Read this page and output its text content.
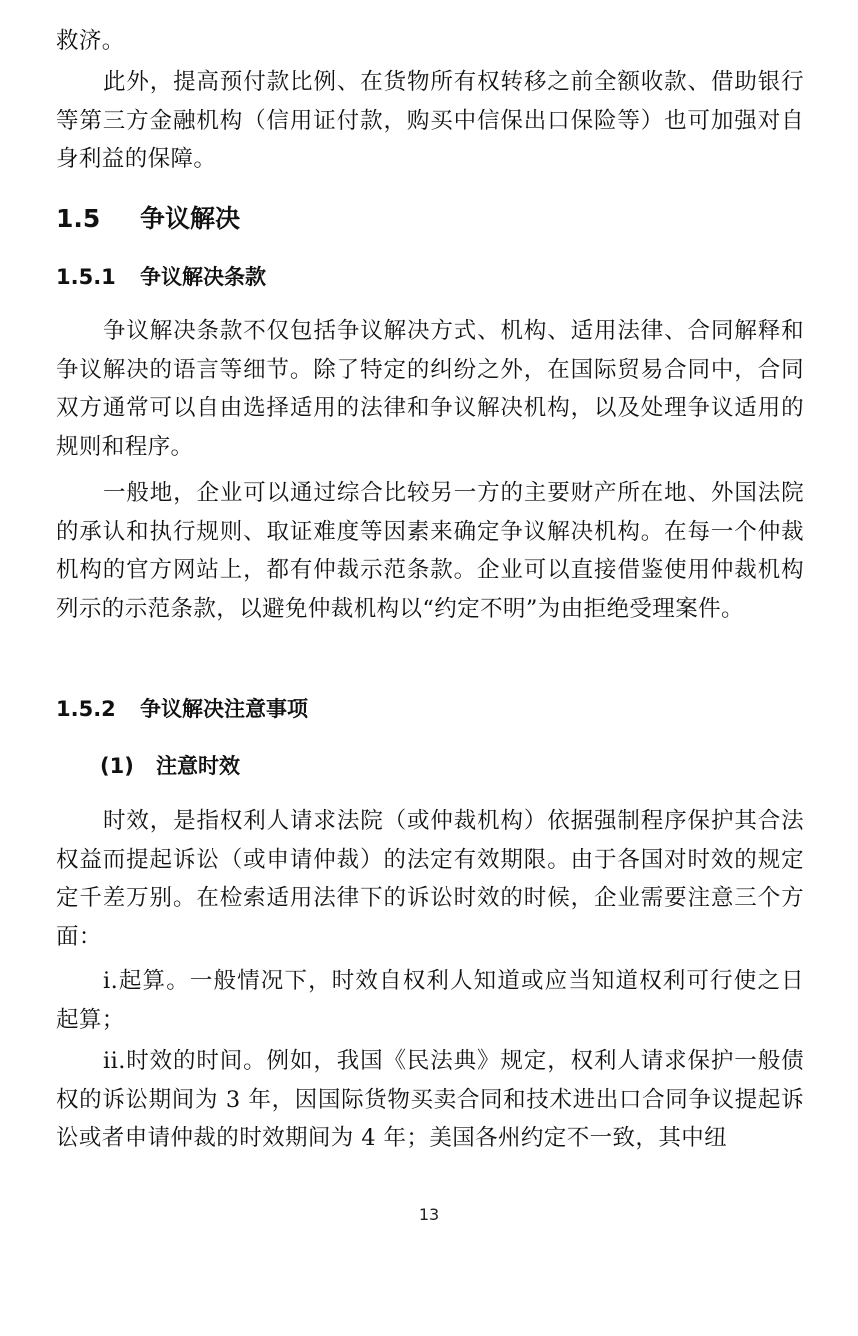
救济。

此外，提高预付款比例、在货物所有权转移之前全额收款、借助银行等第三方金融机构（信用证付款，购买中信保出口保险等）也可加强对自身利益的保障。

1.5 争议解决
1.5.1 争议解决条款

争议解决条款不仅包括争议解决方式、机构、适用法律、合同解释和争议解决的语言等细节。除了特定的纠纷之外，在国际贸易合同中，合同双方通常可以自由选择适用的法律和争议解决机构，以及处理争议适用的规则和程序。

一般地，企业可以通过综合比较另一方的主要财产所在地、外国法院的承认和执行规则、取证难度等因素来确定争议解决机构。在每一个仲裁机构的官方网站上，都有仲裁示范条款。企业可以直接借鉴使用仲裁机构列示的示范条款，以避免仲裁机构以“约定不明”为由拒绝受理案件。

1.5.2 争议解决注意事项
(1) 注意时效

时效，是指权利人请求法院（或仲裁机构）依据强制程序保护其合法权益而提起诉讼（或申请仲裁）的法定有效期限。由于各国对时效的规定定千差万别。在检索适用法律下的诉讼时效的时候，企业需要注意三个方面：

i.起算。一般情况下，时效自权利人知道或应当知道权利可行使之日起算；

ii.时效的时间。例如，我国《民法典》规定，权利人请求保护一般债权的诉讼期间为 3 年，因国际货物买卖合同和技术进出口合同争议提起诉讼或者申请仲裁的时效期间为 4 年；美国各州约定不一致，其中纽

13
